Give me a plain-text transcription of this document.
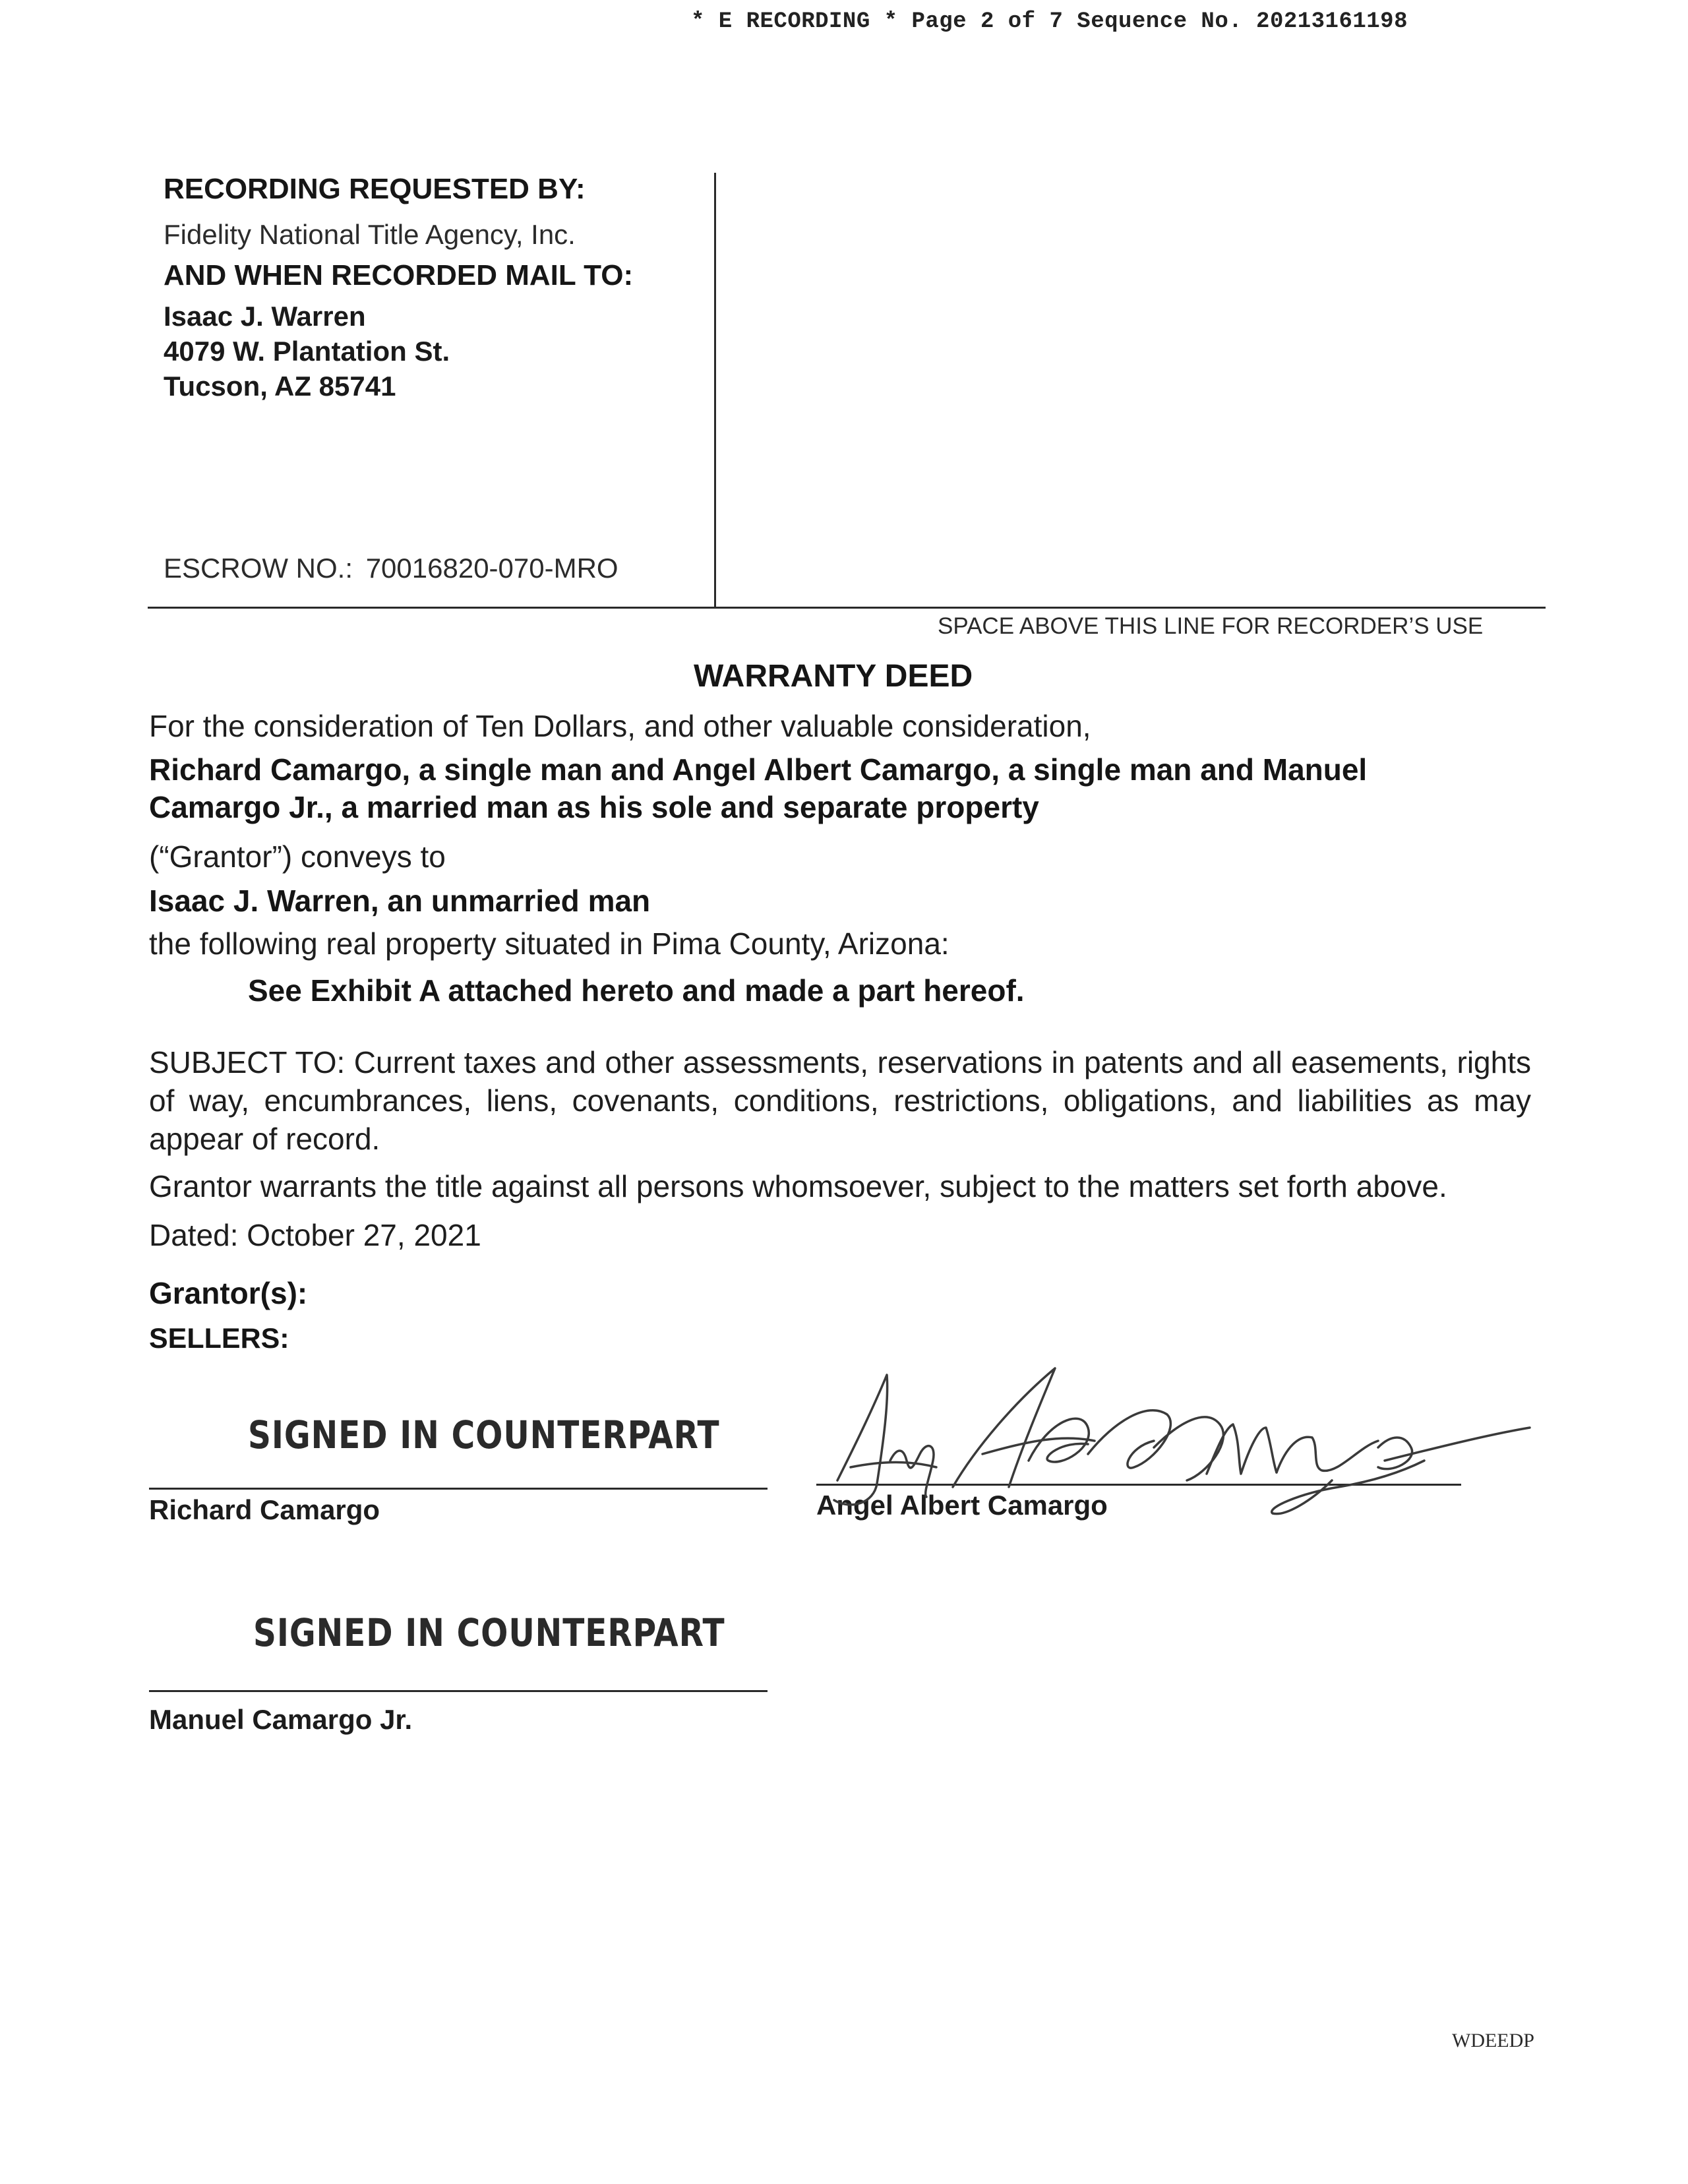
* E RECORDING * Page 2 of 7 Sequence No. 20213161198
RECORDING REQUESTED BY:
Fidelity National Title Agency, Inc.
AND WHEN RECORDED MAIL TO:
Isaac J. Warren
4079 W. Plantation St.
Tucson, AZ 85741
ESCROW NO.: 70016820-070-MRO
SPACE ABOVE THIS LINE FOR RECORDER’S USE
WARRANTY DEED
For the consideration of Ten Dollars, and other valuable consideration,
Richard Camargo, a single man and Angel Albert Camargo, a single man and Manuel
Camargo Jr., a married man as his sole and separate property
(“Grantor”) conveys to
Isaac J. Warren, an unmarried man
the following real property situated in Pima County, Arizona:
See Exhibit A attached hereto and made a part hereof.

SUBJECT TO: Current taxes and other assessments, reservations in patents and all easements, rights of way, encumbrances, liens, covenants, conditions, restrictions, obligations, and liabilities as may appear of record.

Grantor warrants the title against all persons whomsoever, subject to the matters set forth above.
Dated: October 27, 2021
Grantor(s):
SELLERS:
SIGNED IN COUNTERPART
Richard Camargo	Angel Albert Camargo
SIGNED IN COUNTERPART
Manuel Camargo Jr.
WDEEDP
